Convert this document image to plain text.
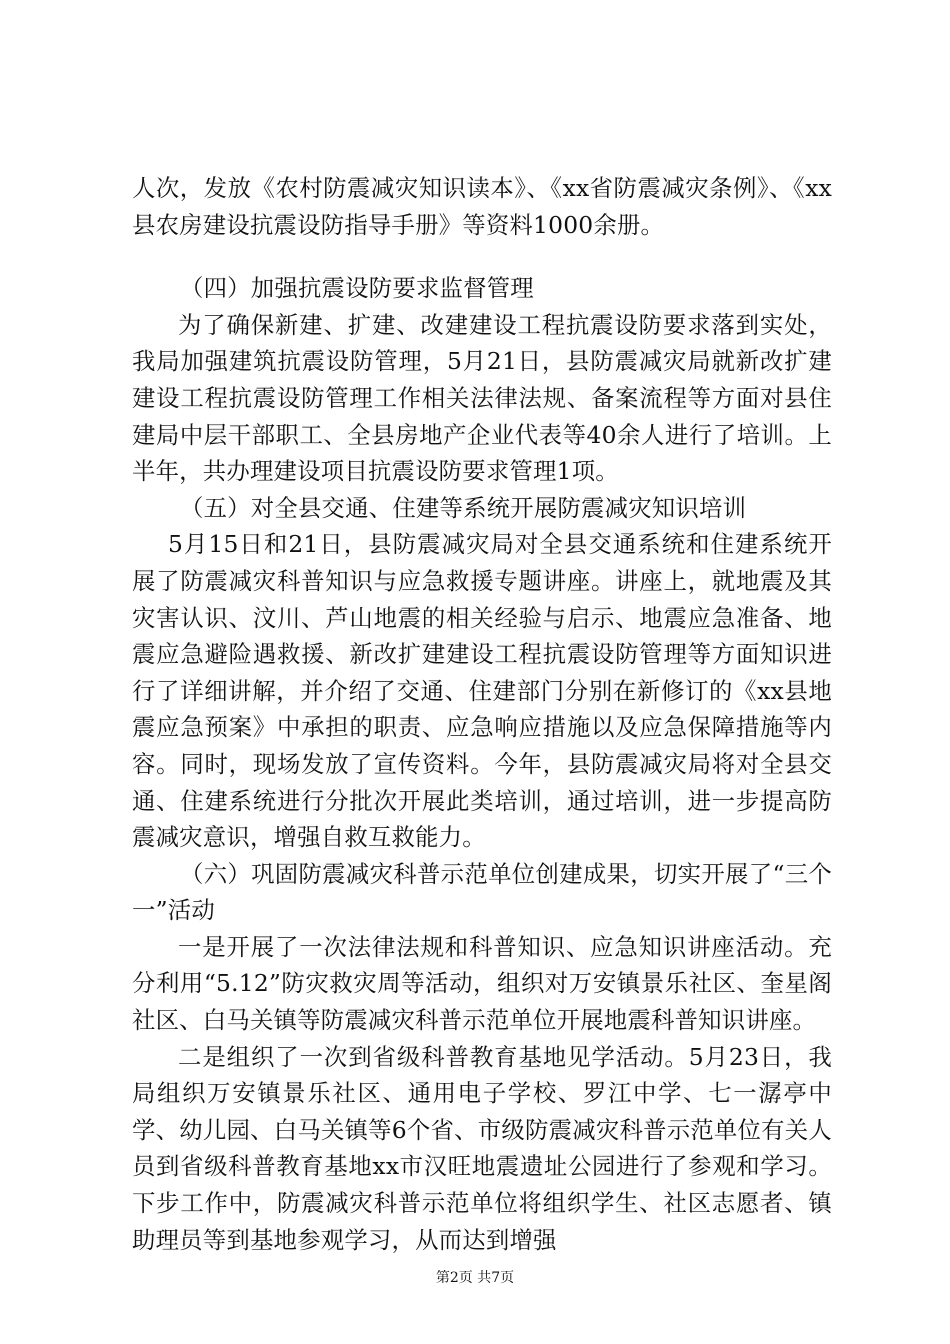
人次，发放《农村防震减灾知识读本》、《xx省防震减灾条例》、《xx县农房建设抗震设防指导手册》等资料1000余册。

（四）加强抗震设防要求监督管理

为了确保新建、扩建、改建建设工程抗震设防要求落到实处，我局加强建筑抗震设防管理，5月21日，县防震减灾局就新改扩建建设工程抗震设防管理工作相关法律法规、备案流程等方面对县住建局中层干部职工、全县房地产企业代表等40余人进行了培训。上半年，共办理建设项目抗震设防要求管理1项。

（五）对全县交通、住建等系统开展防震减灾知识培训

5月15日和21日，县防震减灾局对全县交通系统和住建系统开展了防震减灾科普知识与应急救援专题讲座。讲座上，就地震及其灾害认识、汶川、芦山地震的相关经验与启示、地震应急准备、地震应急避险遇救援、新改扩建建设工程抗震设防管理等方面知识进行了详细讲解，并介绍了交通、住建部门分别在新修订的《xx县地震应急预案》中承担的职责、应急响应措施以及应急保障措施等内容。同时，现场发放了宣传资料。今年，县防震减灾局将对全县交通、住建系统进行分批次开展此类培训，通过培训，进一步提高防震减灾意识，增强自救互救能力。

（六）巩固防震减灾科普示范单位创建成果，切实开展了“三个一”活动

一是开展了一次法律法规和科普知识、应急知识讲座活动。充分利用“5.12”防灾救灾周等活动，组织对万安镇景乐社区、奎星阁社区、白马关镇等防震减灾科普示范单位开展地震科普知识讲座。

二是组织了一次到省级科普教育基地见学活动。5月23日，我局组织万安镇景乐社区、通用电子学校、罗江中学、七一潺亭中学、幼儿园、白马关镇等6个省、市级防震减灾科普示范单位有关人员到省级科普教育基地xx市汉旺地震遗址公园进行了参观和学习。下步工作中，防震减灾科普示范单位将组织学生、社区志愿者、镇助理员等到基地参观学习，从而达到增强

第2页 共7页
